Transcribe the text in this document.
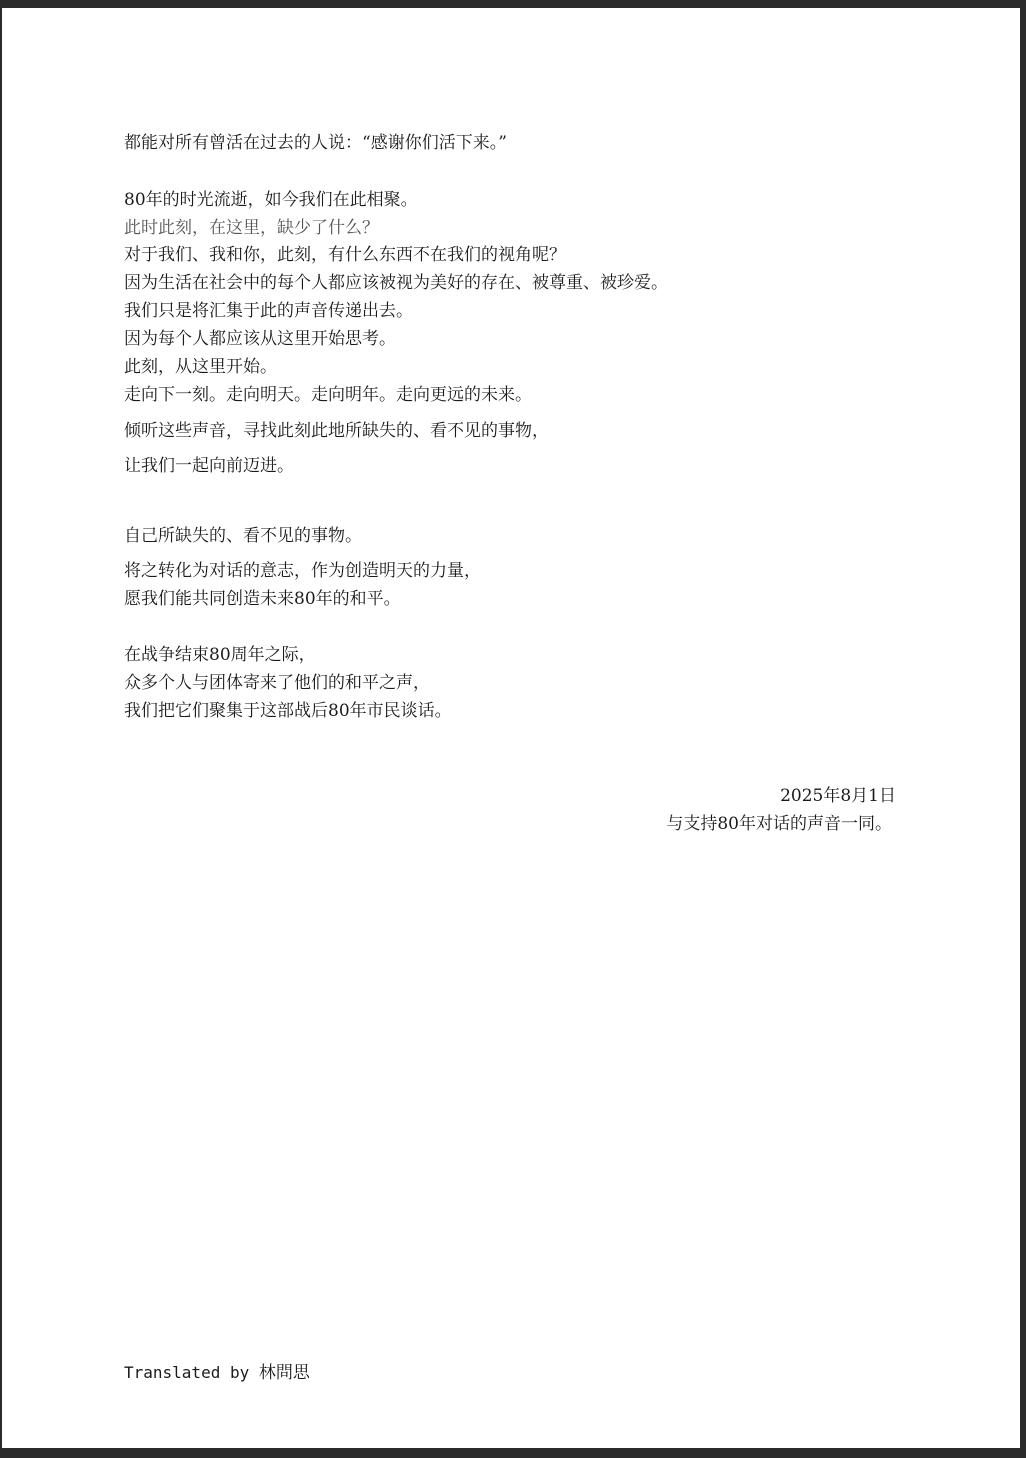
都能对所有曾活在过去的人说：“感谢你们活下来。”
80年的时光流逝，如今我们在此相聚。
此时此刻，在这里，缺少了什么？
对于我们、我和你，此刻，有什么东西不在我们的视角呢？
因为生活在社会中的每个人都应该被视为美好的存在、被尊重、被珍爱。
我们只是将汇集于此的声音传递出去。
因为每个人都应该从这里开始思考。
此刻，从这里开始。
走向下一刻。走向明天。走向明年。走向更远的未来。
倾听这些声音，寻找此刻此地所缺失的、看不见的事物，
让我们一起向前迈进。
自己所缺失的、看不见的事物。
将之转化为对话的意志，作为创造明天的力量，
愿我们能共同创造未来80年的和平。
在战争结束80周年之际，
众多个人与团体寄来了他们的和平之声，
我们把它们聚集于这部战后80年市民谈话。
2025年8月1日
与支持80年对话的声音一同。
Translated by 林問思
